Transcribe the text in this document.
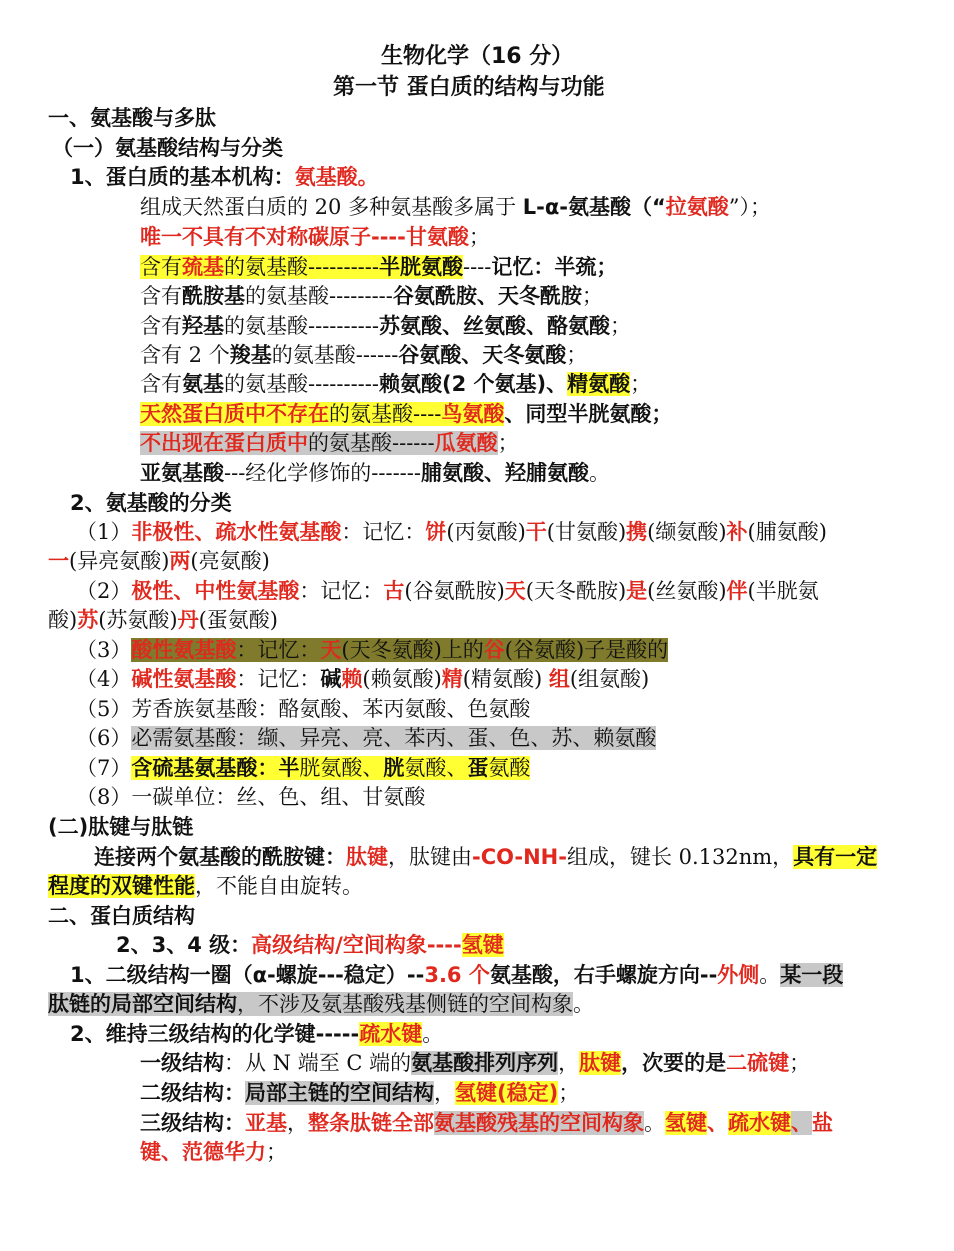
生物化学（16 分）
第一节 蛋白质的结构与功能
一、氨基酸与多肽
（一）氨基酸结构与分类
1、蛋白质的基本机构：氨基酸。
组成天然蛋白质的 20 多种氨基酸多属于 L-α-氨基酸（“拉氨酸”）；
唯一不具有不对称碳原子----甘氨酸；
含有巯基的氨基酸----------半胱氨酸----记忆：半巯；
含有酰胺基的氨基酸---------谷氨酰胺、天冬酰胺；
含有羟基的氨基酸----------苏氨酸、丝氨酸、酪氨酸；
含有 2 个羧基的氨基酸------谷氨酸、天冬氨酸；
含有氨基的氨基酸----------赖氨酸(2 个氨基)、精氨酸；
天然蛋白质中不存在的氨基酸----鸟氨酸、同型半胱氨酸；
不出现在蛋白质中的氨基酸------瓜氨酸；
亚氨基酸---经化学修饰的-------脯氨酸、羟脯氨酸。
2、氨基酸的分类
（1）非极性、疏水性氨基酸：记忆：饼(丙氨酸)干(甘氨酸)携(缬氨酸)补(脯氨酸)
一(异亮氨酸)两(亮氨酸)
（2）极性、中性氨基酸：记忆：古(谷氨酰胺)天(天冬酰胺)是(丝氨酸)伴(半胱氨
酸)苏(苏氨酸)丹(蛋氨酸)
（3）酸性氨基酸：记忆：天(天冬氨酸)上的谷(谷氨酸)子是酸的
（4）碱性氨基酸：记忆：碱赖(赖氨酸)精(精氨酸) 组(组氨酸)
（5）芳香族氨基酸：酪氨酸、苯丙氨酸、色氨酸
（6）必需氨基酸：缬、异亮、亮、苯丙、蛋、色、苏、赖氨酸
（7）含硫基氨基酸：半胱氨酸、胱氨酸、蛋氨酸
（8）一碳单位：丝、色、组、甘氨酸
(二)肽键与肽链
连接两个氨基酸的酰胺键：肽键，肽键由-CO-NH-组成，键长 0.132nm，具有一定
程度的双键性能，不能自由旋转。
二、蛋白质结构
2、3、4 级：高级结构/空间构象----氢键
1、二级结构一圈（α-螺旋---稳定）--3.6 个氨基酸，右手螺旋方向--外侧。某一段
肽链的局部空间结构，不涉及氨基酸残基侧链的空间构象。
2、维持三级结构的化学键-----疏水键。
一级结构：从 N 端至 C 端的氨基酸排列序列，肽键，次要的是二硫键；
二级结构：局部主链的空间结构，氢键(稳定)；
三级结构：亚基，整条肽链全部氨基酸残基的空间构象。氢键、疏水键、盐
键、范德华力；
